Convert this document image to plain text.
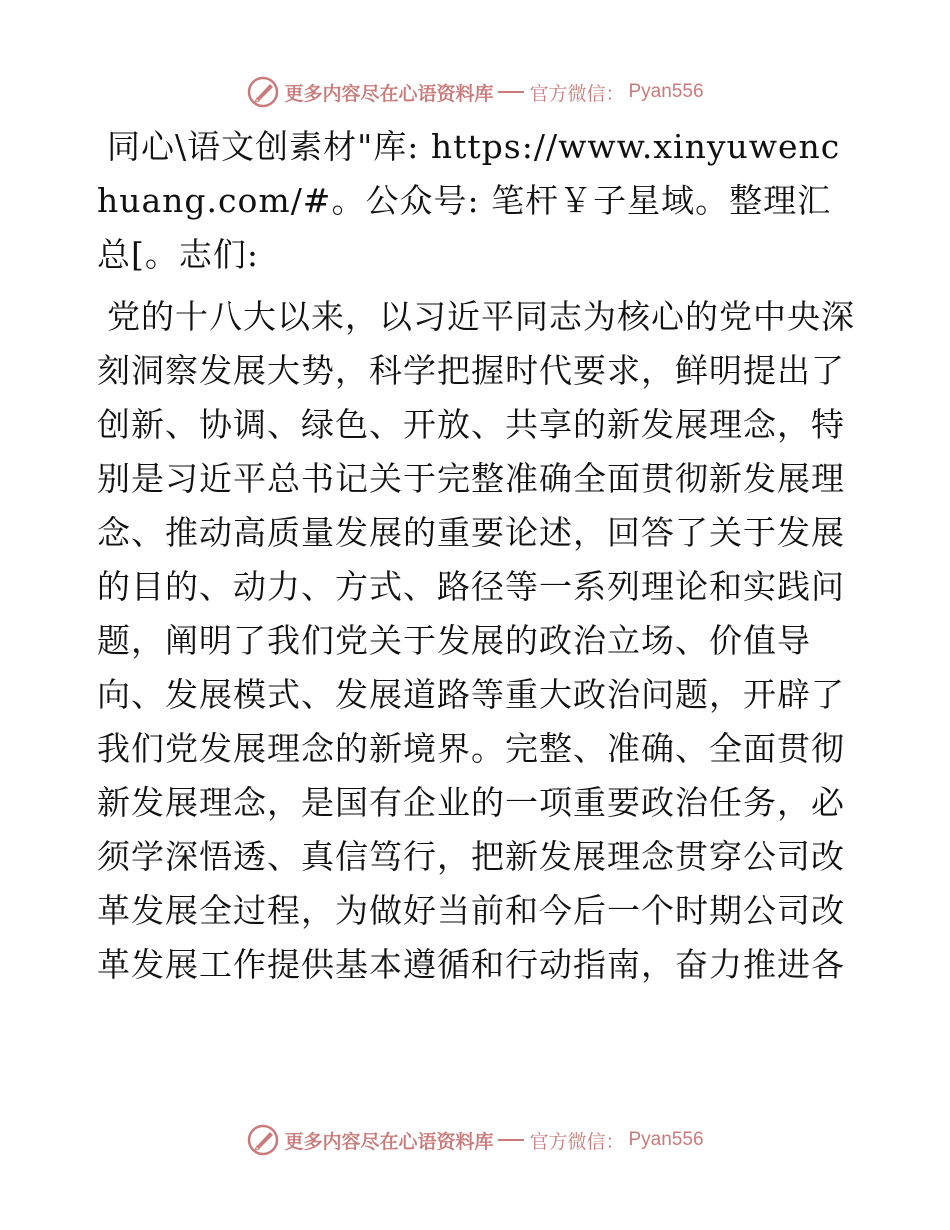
更多内容尽在心语资料库 官方微信： Pyan556

同心\语文创素材"库: https://www.xinyuwenchuang.com/#。公众号: 笔杆￥子星域。整理汇总[。志们:

党的十八大以来，以习近平同志为核心的党中央深刻洞察发展大势，科学把握时代要求，鲜明提出了创新、协调、绿色、开放、共享的新发展理念，特别是习近平总书记关于完整准确全面贯彻新发展理念、推动高质量发展的重要论述，回答了关于发展的目的、动力、方式、路径等一系列理论和实践问题，阐明了我们党关于发展的政治立场、价值导向、发展模式、发展道路等重大政治问题，开辟了我们党发展理念的新境界。完整、准确、全面贯彻新发展理念，是国有企业的一项重要政治任务，必须学深悟透、真信笃行，把新发展理念贯穿公司改革发展全过程，为做好当前和今后一个时期公司改革发展工作提供基本遵循和行动指南，奋力推进各

更多内容尽在心语资料库 官方微信： Pyan556
